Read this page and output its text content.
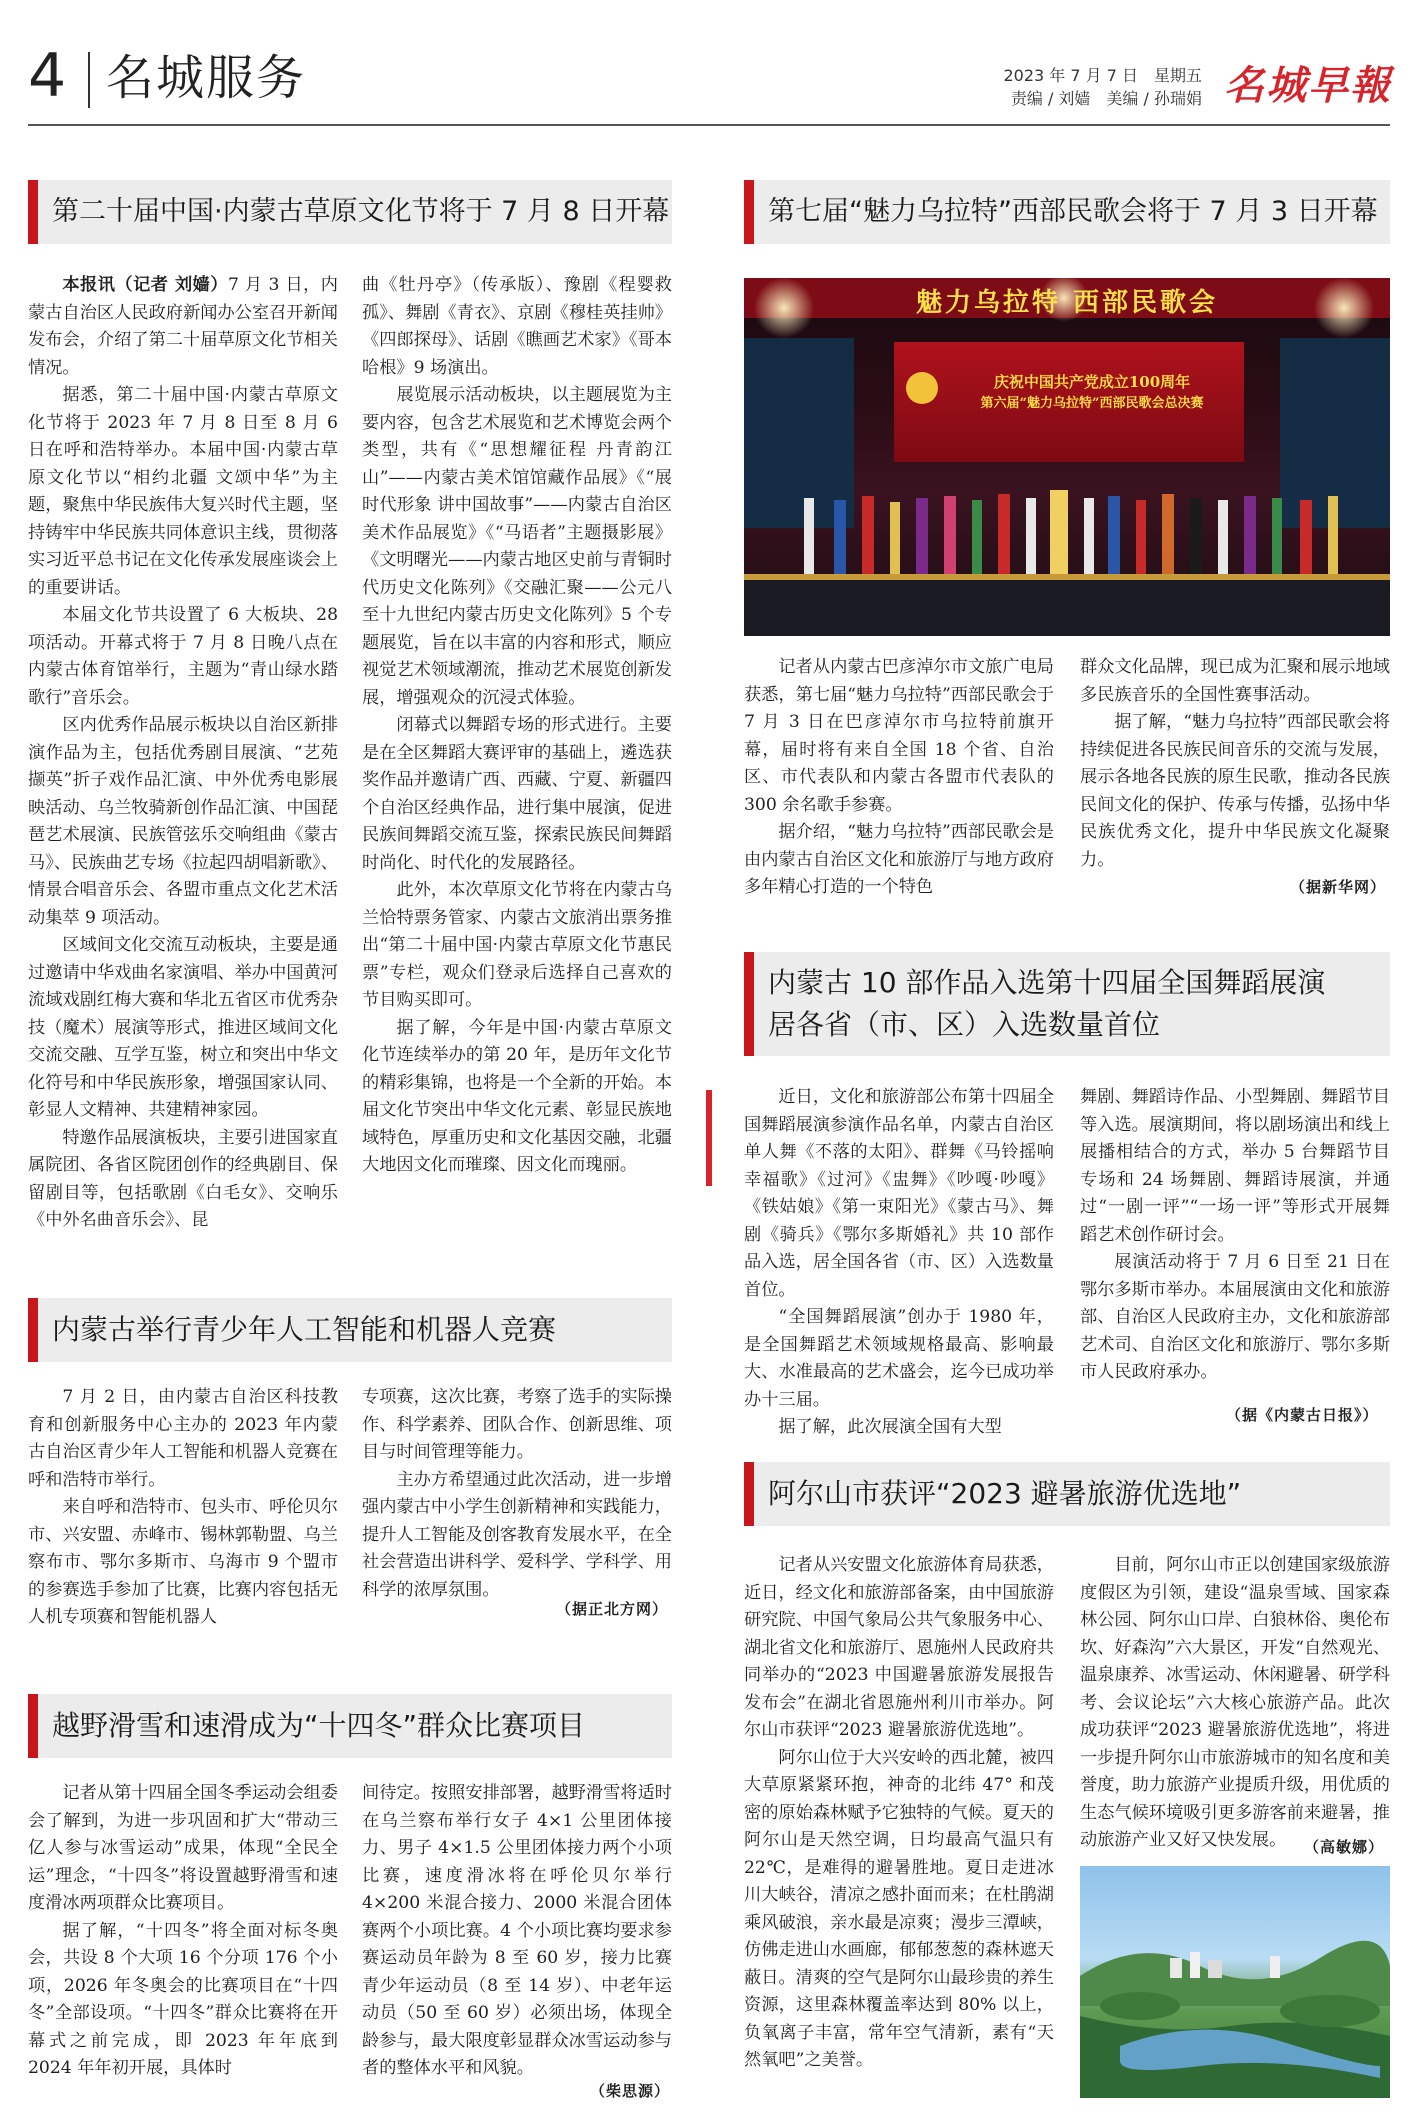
4 名城服务	2023 年 7 月 7 日　星期五
责编 / 刘嫱　美编 / 孙瑞娟 名城早報
第二十届中国·内蒙古草原文化节将于 7 月 8 日开幕

本报讯（记者 刘嫱）7 月 3 日，内蒙古自治区人民政府新闻办公室召开新闻发布会，介绍了第二十届草原文化节相关情况。

据悉，第二十届中国·内蒙古草原文化节将于 2023 年 7 月 8 日至 8 月 6 日在呼和浩特举办。本届中国·内蒙古草原文化节以“相约北疆 文颂中华”为主题，聚焦中华民族伟大复兴时代主题，坚持铸牢中华民族共同体意识主线，贯彻落实习近平总书记在文化传承发展座谈会上的重要讲话。

本届文化节共设置了 6 大板块、28 项活动。开幕式将于 7 月 8 日晚八点在内蒙古体育馆举行，主题为“青山绿水踏歌行”音乐会。

区内优秀作品展示板块以自治区新排演作品为主，包括优秀剧目展演、“艺苑撷英”折子戏作品汇演、中外优秀电影展映活动、乌兰牧骑新创作品汇演、中国琵琶艺术展演、民族管弦乐交响组曲《蒙古马》、民族曲艺专场《拉起四胡唱新歌》、情景合唱音乐会、各盟市重点文化艺术活动集萃 9 项活动。

区域间文化交流互动板块，主要是通过邀请中华戏曲名家演唱、举办中国黄河流域戏剧红梅大赛和华北五省区市优秀杂技（魔术）展演等形式，推进区域间文化交流交融、互学互鉴，树立和突出中华文化符号和中华民族形象，增强国家认同、彰显人文精神、共建精神家园。

特邀作品展演板块，主要引进国家直属院团、各省区院团创作的经典剧目、保留剧目等，包括歌剧《白毛女》、交响乐《中外名曲音乐会》、昆

曲《牡丹亭》（传承版）、豫剧《程婴救孤》、舞剧《青衣》、京剧《穆桂英挂帅》《四郎探母》、话剧《瞧画艺术家》《哥本哈根》9 场演出。

展览展示活动板块，以主题展览为主要内容，包含艺术展览和艺术博览会两个类型，共有《“思想耀征程 丹青韵江山”——内蒙古美术馆馆藏作品展》《“展时代形象 讲中国故事”——内蒙古自治区美术作品展览》《“马语者”主题摄影展》《文明曙光——内蒙古地区史前与青铜时代历史文化陈列》《交融汇聚——公元八至十九世纪内蒙古历史文化陈列》5 个专题展览，旨在以丰富的内容和形式，顺应视觉艺术领域潮流，推动艺术展览创新发展，增强观众的沉浸式体验。

闭幕式以舞蹈专场的形式进行。主要是在全区舞蹈大赛评审的基础上，遴选获奖作品并邀请广西、西藏、宁夏、新疆四个自治区经典作品，进行集中展演，促进民族间舞蹈交流互鉴，探索民族民间舞蹈时尚化、时代化的发展路径。

此外，本次草原文化节将在内蒙古乌兰恰特票务管家、内蒙古文旅消出票务推出“第二十届中国·内蒙古草原文化节惠民票”专栏，观众们登录后选择自己喜欢的节目购买即可。

据了解，今年是中国·内蒙古草原文化节连续举办的第 20 年，是历年文化节的精彩集锦，也将是一个全新的开始。本届文化节突出中华文化元素、彰显民族地域特色，厚重历史和文化基因交融，北疆大地因文化而璀璨、因文化而瑰丽。

内蒙古举行青少年人工智能和机器人竞赛

7 月 2 日，由内蒙古自治区科技教育和创新服务中心主办的 2023 年内蒙古自治区青少年人工智能和机器人竞赛在呼和浩特市举行。

来自呼和浩特市、包头市、呼伦贝尔市、兴安盟、赤峰市、锡林郭勒盟、乌兰察布市、鄂尔多斯市、乌海市 9 个盟市的参赛选手参加了比赛，比赛内容包括无人机专项赛和智能机器人

专项赛，这次比赛，考察了选手的实际操作、科学素养、团队合作、创新思维、项目与时间管理等能力。

主办方希望通过此次活动，进一步增强内蒙古中小学生创新精神和实践能力，提升人工智能及创客教育发展水平，在全社会营造出讲科学、爱科学、学科学、用科学的浓厚氛围。

（据正北方网）
越野滑雪和速滑成为“十四冬”群众比赛项目

记者从第十四届全国冬季运动会组委会了解到，为进一步巩固和扩大“带动三亿人参与冰雪运动”成果，体现“全民全运”理念，“十四冬”将设置越野滑雪和速度滑冰两项群众比赛项目。

据了解，“十四冬”将全面对标冬奥会，共设 8 个大项 16 个分项 176 个小项，2026 年冬奥会的比赛项目在“十四冬”全部设项。“十四冬”群众比赛将在开幕式之前完成，即 2023 年年底到 2024 年年初开展，具体时

间待定。按照安排部署，越野滑雪将适时在乌兰察布举行女子 4×1 公里团体接力、男子 4×1.5 公里团体接力两个小项比赛，速度滑冰将在呼伦贝尔举行 4×200 米混合接力、2000 米混合团体赛两个小项比赛。4 个小项比赛均要求参赛运动员年龄为 8 至 60 岁，接力比赛青少年运动员（8 至 14 岁）、中老年运动员（50 至 60 岁）必须出场，体现全龄参与，最大限度彰显群众冰雪运动参与者的整体水平和风貌。

（柴思源）
第七届“魅力乌拉特”西部民歌会将于 7 月 3 日开幕
魅力乌拉特 西部民歌会
庆祝中国共产党成立100周年
第六届“魅力乌拉特”西部民歌会总决赛

记者从内蒙古巴彦淖尔市文旅广电局获悉，第七届“魅力乌拉特”西部民歌会于 7 月 3 日在巴彦淖尔市乌拉特前旗开幕，届时将有来自全国 18 个省、自治区、市代表队和内蒙古各盟市代表队的 300 余名歌手参赛。

据介绍，“魅力乌拉特”西部民歌会是由内蒙古自治区文化和旅游厅与地方政府多年精心打造的一个特色

群众文化品牌，现已成为汇聚和展示地域多民族音乐的全国性赛事活动。

据了解，“魅力乌拉特”西部民歌会将持续促进各民族民间音乐的交流与发展，展示各地各民族的原生民歌，推动各民族民间文化的保护、传承与传播，弘扬中华民族优秀文化，提升中华民族文化凝聚力。

（据新华网）
内蒙古 10 部作品入选第十四届全国舞蹈展演
居各省（市、区）入选数量首位

近日，文化和旅游部公布第十四届全国舞蹈展演参演作品名单，内蒙古自治区单人舞《不落的太阳》、群舞《马铃摇响幸福歌》《过河》《盅舞》《吵嘎·吵嘎》《铁姑娘》《第一束阳光》《蒙古马》、舞剧《骑兵》《鄂尔多斯婚礼》共 10 部作品入选，居全国各省（市、区）入选数量首位。

“全国舞蹈展演”创办于 1980 年，是全国舞蹈艺术领域规格最高、影响最大、水准最高的艺术盛会，迄今已成功举办十三届。

据了解，此次展演全国有大型

舞剧、舞蹈诗作品、小型舞剧、舞蹈节目等入选。展演期间，将以剧场演出和线上展播相结合的方式，举办 5 台舞蹈节目专场和 24 场舞剧、舞蹈诗展演，并通过“一剧一评”“一场一评”等形式开展舞蹈艺术创作研讨会。

展演活动将于 7 月 6 日至 21 日在鄂尔多斯市举办。本届展演由文化和旅游部、自治区人民政府主办，文化和旅游部艺术司、自治区文化和旅游厅、鄂尔多斯市人民政府承办。

（据《内蒙古日报》）
阿尔山市获评“2023 避暑旅游优选地”

记者从兴安盟文化旅游体育局获悉，近日，经文化和旅游部备案，由中国旅游研究院、中国气象局公共气象服务中心、湖北省文化和旅游厅、恩施州人民政府共同举办的“2023 中国避暑旅游发展报告发布会”在湖北省恩施州利川市举办。阿尔山市获评“2023 避暑旅游优选地”。

阿尔山位于大兴安岭的西北麓，被四大草原紧紧环抱，神奇的北纬 47° 和茂密的原始森林赋予它独特的气候。夏天的阿尔山是天然空调，日均最高气温只有 22℃，是难得的避暑胜地。夏日走进冰川大峡谷，清凉之感扑面而来；在杜鹃湖乘风破浪，亲水最是凉爽；漫步三潭峡，仿佛走进山水画廊，郁郁葱葱的森林遮天蔽日。清爽的空气是阿尔山最珍贵的养生资源，这里森林覆盖率达到 80% 以上，负氧离子丰富，常年空气清新，素有“天然氧吧”之美誉。

目前，阿尔山市正以创建国家级旅游度假区为引领，建设“温泉雪域、国家森林公园、阿尔山口岸、白狼林俗、奥伦布坎、好森沟”六大景区，开发“自然观光、温泉康养、冰雪运动、休闲避暑、研学科考、会议论坛”六大核心旅游产品。此次成功获评“2023 避暑旅游优选地”，将进一步提升阿尔山市旅游城市的知名度和美誉度，助力旅游产业提质升级，用优质的生态气候环境吸引更多游客前来避暑，推动旅游产业又好又快发展。	（高敏娜）
